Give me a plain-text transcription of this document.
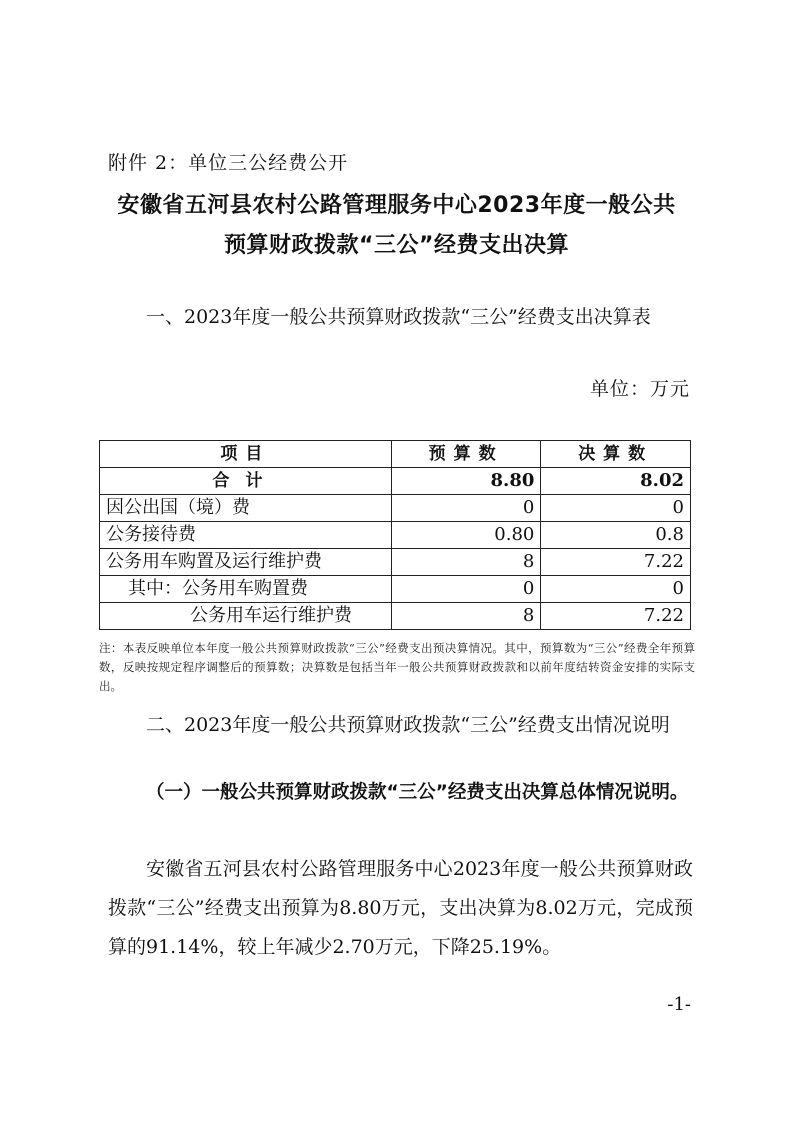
附件 2：单位三公经费公开
安徽省五河县农村公路管理服务中心2023年度一般公共
预算财政拨款“三公”经费支出决算
一、2023年度一般公共预算财政拨款“三公”经费支出决算表
单位：万元
项目	预算数	决算数
合计	8.80	8.02
因公出国（境）费	0	0
公务接待费	0.80	0.8
公务用车购置及运行维护费	8	7.22
其中：公务用车购置费	0	0
公务用车运行维护费	8	7.22
注：本表反映单位本年度一般公共预算财政拨款“三公”经费支出预决算情况。其中，预算数为“三公”经费全年预算数，反映按规定程序调整后的预算数；决算数是包括当年一般公共预算财政拨款和以前年度结转资金安排的实际支出。
二、2023年度一般公共预算财政拨款“三公”经费支出情况说明
（一）一般公共预算财政拨款“三公”经费支出决算总体情况说明。
安徽省五河县农村公路管理服务中心2023年度一般公共预算财政拨款“三公”经费支出预算为8.80万元，支出决算为8.02万元，完成预算的91.14%，较上年减少2.70万元，下降25.19%。
-1-
